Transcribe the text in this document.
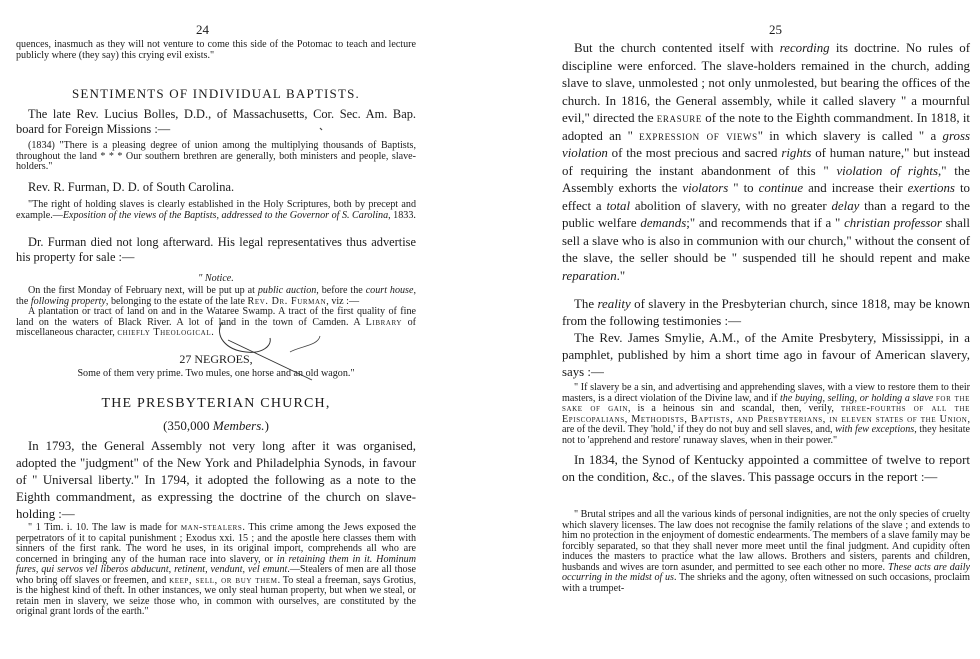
24

quences, inasmuch as they will not venture to come this side of the Potomac to teach and lecture publicly where (they say) this crying evil exists."

SENTIMENTS OF INDIVIDUAL BAPTISTS.

The late Rev. Lucius Bolles, D.D., of Massachusetts, Cor. Sec. Am. Bap. board for Foreign Missions :—

(1834) "There is a pleasing degree of union among the multiplying thousands of Baptists, throughout the land * * * Our southern brethren are generally, both ministers and people, slave-holders."

Rev. R. Furman, D. D. of South Carolina.

"The right of holding slaves is clearly established in the Holy Scriptures, both by precept and example.—Exposition of the views of the Baptists, addressed to the Governor of S. Carolina, 1833.

Dr. Furman died not long afterward. His legal representatives thus advertise his property for sale :—

" Notice.

On the first Monday of February next, will be put up at public auction, before the court house, the following property, belonging to the estate of the late Rev. Dr. Furman, viz :—

A plantation or tract of land on and in the Wataree Swamp. A tract of the first quality of fine land on the waters of Black River. A lot of land in the town of Camden. A Library of miscellaneous character, chiefly Theological.

27 NEGROES,

Some of them very prime. Two mules, one horse and an old wagon."

THE PRESBYTERIAN CHURCH,

(350,000 Members.)

In 1793, the General Assembly not very long after it was organised, adopted the "judgment" of the New York and Philadelphia Synods, in favour of " Universal liberty." In 1794, it adopted the following as a note to the Eighth commandment, as expressing the doctrine of the church on slave-holding :—

" 1 Tim. i. 10. The law is made for man-stealers. This crime among the Jews exposed the perpetrators of it to capital punishment ; Exodus xxi. 15 ; and the apostle here classes them with sinners of the first rank. The word he uses, in its original import, comprehends all who are concerned in bringing any of the human race into slavery, or in retaining them in it. Hominum fures, qui servos vel liberos abducunt, retinent, vendunt, vel emunt.—Stealers of men are all those who bring off slaves or freemen, and keep, sell, or buy them. To steal a freeman, says Grotius, is the highest kind of theft. In other instances, we only steal human property, but when we steal, or retain men in slavery, we seize those who, in common with ourselves, are constituted by the original grant lords of the earth."

25

But the church contented itself with recording its doctrine. No rules of discipline were enforced. The slave-holders remained in the church, adding slave to slave, unmolested ; not only unmolested, but bearing the offices of the church. In 1816, the General assembly, while it called slavery " a mournful evil," directed the erasure of the note to the Eighth commandment. In 1818, it adopted an " expression of views" in which slavery is called " a gross violation of the most precious and sacred rights of human nature," but instead of requiring the instant abandonment of this " violation of rights," the Assembly exhorts the violators " to continue and increase their exertions to effect a total abolition of slavery, with no greater delay than a regard to the public welfare demands;" and recommends that if a " christian professor shall sell a slave who is also in communion with our church," without the consent of the slave, the seller should be " suspended till he should repent and make reparation."

The reality of slavery in the Presbyterian church, since 1818, may be known from the following testimonies :—

The Rev. James Smylie, A.M., of the Amite Presbytery, Mississippi, in a pamphlet, published by him a short time ago in favour of American slavery, says :—

" If slavery be a sin, and advertising and apprehending slaves, with a view to restore them to their masters, is a direct violation of the Divine law, and if the buying, selling, or holding a slave for the sake of gain, is a heinous sin and scandal, then, verily, three-fourths of all the Episcopalians, Methodists, Baptists, and Presbyterians, in eleven states of the Union, are of the devil. They 'hold,' if they do not buy and sell slaves, and, with few exceptions, they hesitate not to 'apprehend and restore' runaway slaves, when in their power."

In 1834, the Synod of Kentucky appointed a committee of twelve to report on the condition, &c., of the slaves. This passage occurs in the report :—

" Brutal stripes and all the various kinds of personal indignities, are not the only species of cruelty which slavery licenses. The law does not recognise the family relations of the slave ; and extends to him no protection in the enjoyment of domestic endearments. The members of a slave family may be forcibly separated, so that they shall never more meet until the final judgment. And cupidity often induces the masters to practice what the law allows. Brothers and sisters, parents and children, husbands and wives are torn asunder, and permitted to see each other no more. These acts are daily occurring in the midst of us. The shrieks and the agony, often witnessed on such occasions, proclaim with a trumpet-
